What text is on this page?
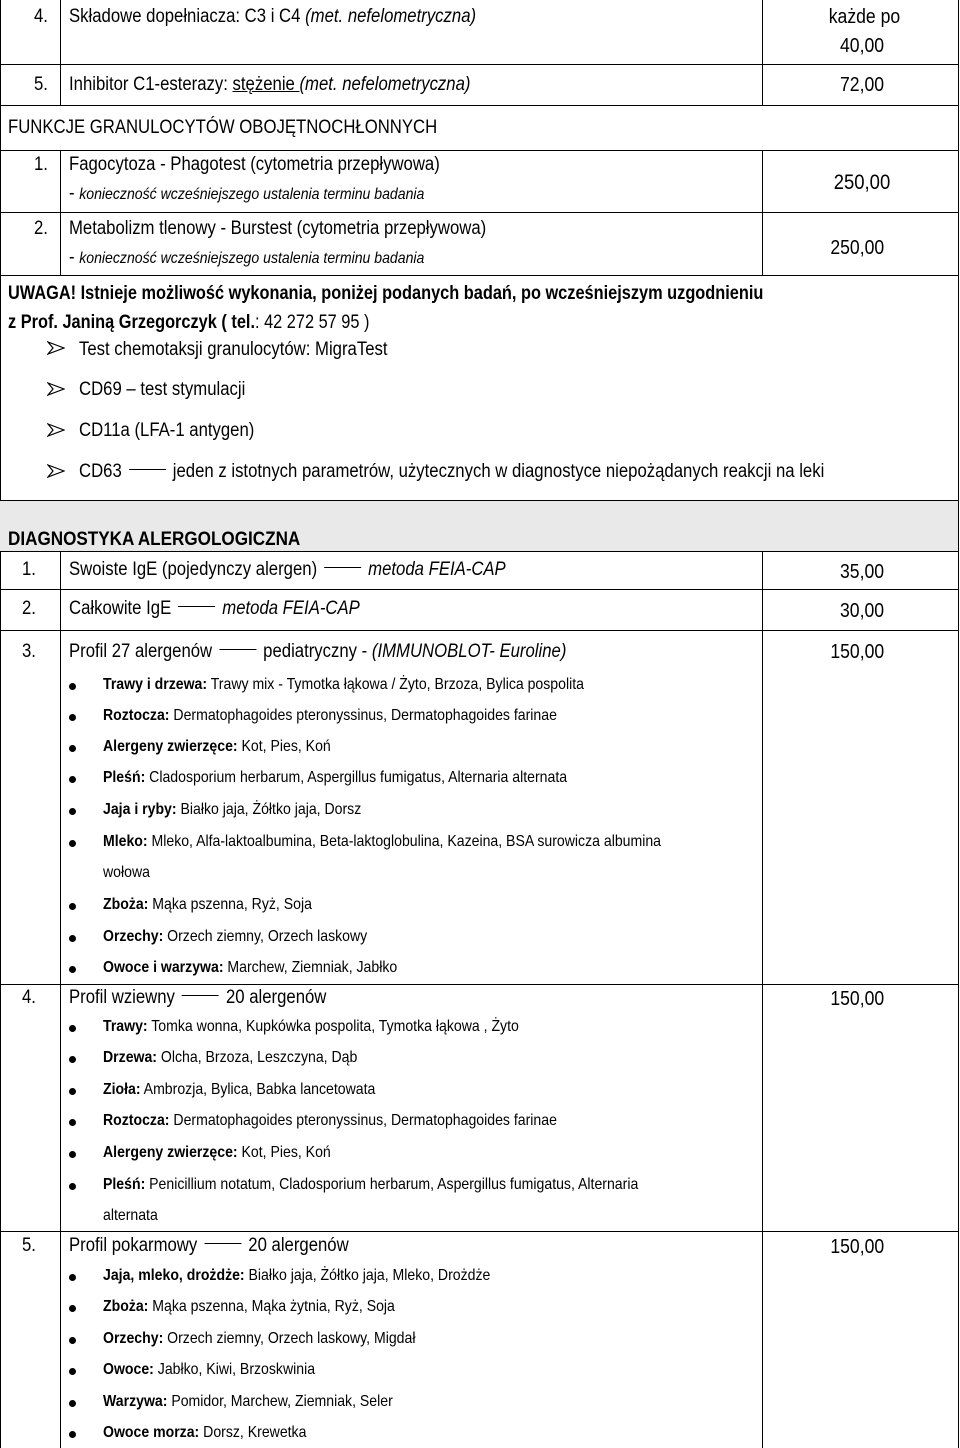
4. Składowe dopełniacza: C3 i C4 (met. nefelometryczna)	każde po
40,00
5. Inhibitor C1-esterazy: stężenie (met. nefelometryczna)	72,00
FUNKCJE GRANULOCYTÓW OBOJĘTNOCHŁONNYCH
1. Fagocytoza - Phagotest (cytometria przepływowa)
- konieczność wcześniejszego ustalenia terminu badania
250,00
2. Metabolizm tlenowy - Burstest (cytometria przepływowa)
- konieczność wcześniejszego ustalenia terminu badania	250,00
UWAGA! Istnieje możliwość wykonania, poniżej podanych badań, po wcześniejszym uzgodnieniu
z Prof. Janiną Grzegorczyk ( tel.: 42 272 57 95 )
Test chemotaksji granulocytów: MigraTest
CD69 – test stymulacji
CD11a (LFA-1 antygen)
CD63	jeden z istotnych parametrów, użytecznych w diagnostyce niepożądanych reakcji na leki
DIAGNOSTYKA ALERGOLOGICZNA
1. Swoiste IgE (pojedynczy alergen)	metoda FEIA-CAP	35,00
2. Całkowite IgE	metoda FEIA-CAP	30,00
3. Profil 27 alergenów	pediatryczny - (IMMUNOBLOT- Euroline)	150,00
Trawy i drzewa: Trawy mix - Tymotka łąkowa / Żyto, Brzoza, Bylica pospolita
Roztocza: Dermatophagoides pteronyssinus, Dermatophagoides farinae
Alergeny zwierzęce: Kot, Pies, Koń
Pleśń: Cladosporium herbarum, Aspergillus fumigatus, Alternaria alternata
Jaja i ryby: Białko jaja, Żółtko jaja, Dorsz
Mleko: Mleko, Alfa-laktoalbumina, Beta-laktoglobulina, Kazeina, BSA surowicza albumina
wołowa
Zboża: Mąka pszenna, Ryż, Soja
Orzechy: Orzech ziemny, Orzech laskowy
Owoce i warzywa: Marchew, Ziemniak, Jabłko
4. Profil wziewny	20 alergenów	150,00
Trawy: Tomka wonna, Kupkówka pospolita, Tymotka łąkowa , Żyto
Drzewa: Olcha, Brzoza, Leszczyna, Dąb
Zioła: Ambrozja, Bylica, Babka lancetowata
Roztocza: Dermatophagoides pteronyssinus, Dermatophagoides farinae
Alergeny zwierzęce: Kot, Pies, Koń
Pleśń: Penicillium notatum, Cladosporium herbarum, Aspergillus fumigatus, Alternaria
alternata
5. Profil pokarmowy	20 alergenów	150,00
Jaja, mleko, drożdże: Białko jaja, Żółtko jaja, Mleko, Drożdże
Zboża: Mąka pszenna, Mąka żytnia, Ryż, Soja
Orzechy: Orzech ziemny, Orzech laskowy, Migdał
Owoce: Jabłko, Kiwi, Brzoskwinia
Warzywa: Pomidor, Marchew, Ziemniak, Seler
Owoce morza: Dorsz, Krewetka
